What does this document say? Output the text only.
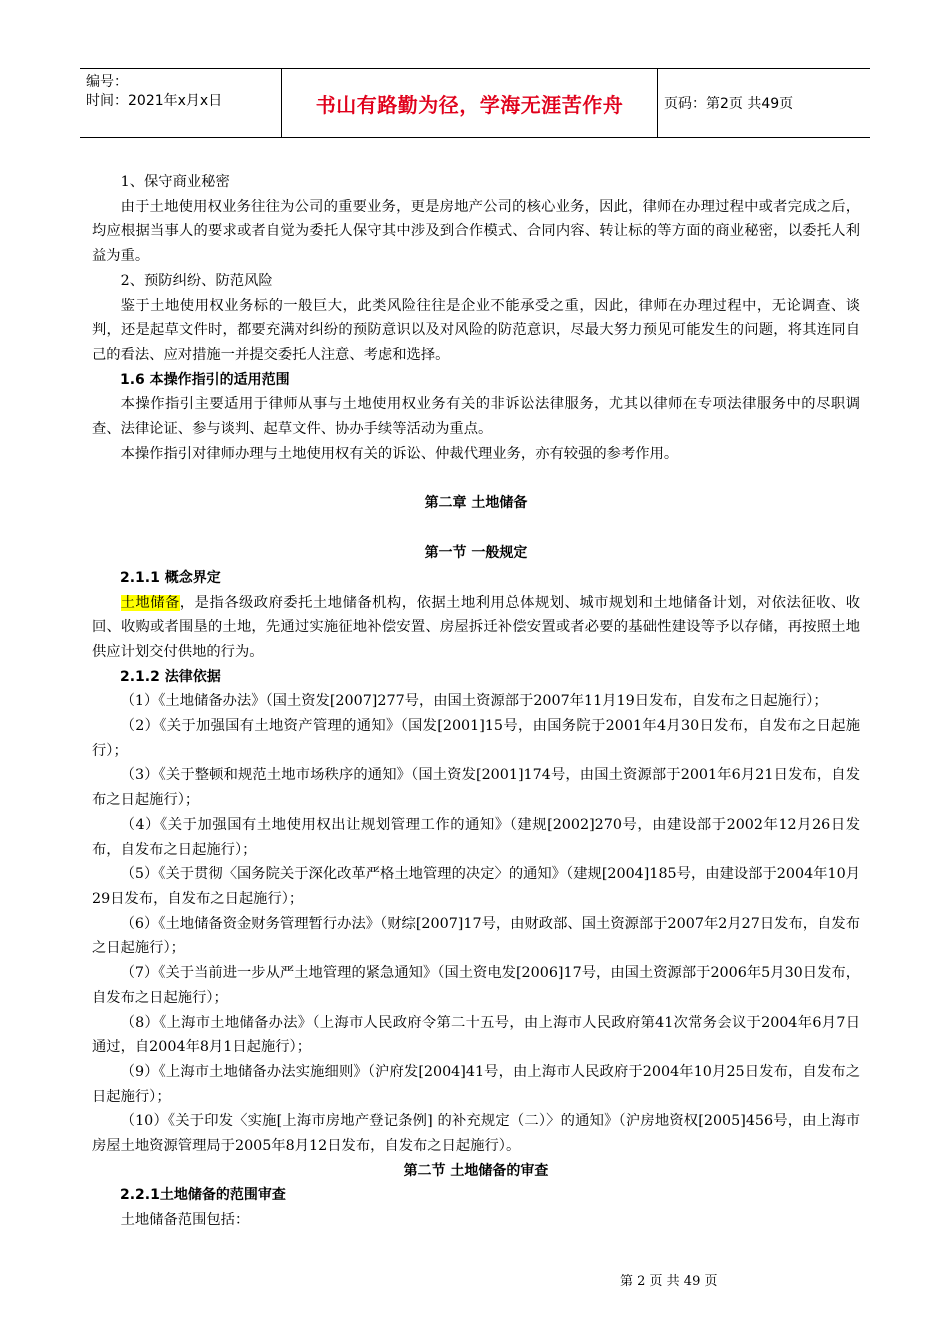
编号：
时间：2021年x月x日	书山有路勤为径，学海无涯苦作舟	页码：第2页 共49页

1、保守商业秘密

由于土地使用权业务往往为公司的重要业务，更是房地产公司的核心业务，因此，律师在办理过程中或者完成之后，均应根据当事人的要求或者自觉为委托人保守其中涉及到合作模式、合同内容、转让标的等方面的商业秘密，以委托人利益为重。

2、预防纠纷、防范风险

鉴于土地使用权业务标的一般巨大，此类风险往往是企业不能承受之重，因此，律师在办理过程中，无论调查、谈判，还是起草文件时，都要充满对纠纷的预防意识以及对风险的防范意识，尽最大努力预见可能发生的问题，将其连同自己的看法、应对措施一并提交委托人注意、考虑和选择。

1.6 本操作指引的适用范围

本操作指引主要适用于律师从事与土地使用权业务有关的非诉讼法律服务，尤其以律师在专项法律服务中的尽职调查、法律论证、参与谈判、起草文件、协办手续等活动为重点。

本操作指引对律师办理与土地使用权有关的诉讼、仲裁代理业务，亦有较强的参考作用。

第二章 土地储备

第一节 一般规定

2.1.1 概念界定

土地储备，是指各级政府委托土地储备机构，依据土地利用总体规划、城市规划和土地储备计划，对依法征收、收回、收购或者围垦的土地，先通过实施征地补偿安置、房屋拆迁补偿安置或者必要的基础性建设等予以存储，再按照土地供应计划交付供地的行为。

2.1.2 法律依据

（1）《土地储备办法》（国土资发[2007]277号，由国土资源部于2007年11月19日发布，自发布之日起施行）；

（2）《关于加强国有土地资产管理的通知》（国发[2001]15号，由国务院于2001年4月30日发布，自发布之日起施行）；

（3）《关于整顿和规范土地市场秩序的通知》（国土资发[2001]174号，由国土资源部于2001年6月21日发布，自发布之日起施行）；

（4）《关于加强国有土地使用权出让规划管理工作的通知》（建规[2002]270号，由建设部于2002年12月26日发布，自发布之日起施行）；

（5）《关于贯彻〈国务院关于深化改革严格土地管理的决定〉的通知》（建规[2004]185号，由建设部于2004年10月29日发布，自发布之日起施行）；

（6）《土地储备资金财务管理暂行办法》（财综[2007]17号，由财政部、国土资源部于2007年2月27日发布，自发布之日起施行）；

（7）《关于当前进一步从严土地管理的紧急通知》（国土资电发[2006]17号，由国土资源部于2006年5月30日发布，自发布之日起施行）；

（8）《上海市土地储备办法》（上海市人民政府令第二十五号，由上海市人民政府第41次常务会议于2004年6月7日通过，自2004年8月1日起施行）；

（9）《上海市土地储备办法实施细则》（沪府发[2004]41号，由上海市人民政府于2004年10月25日发布，自发布之日起施行）；

（10）《关于印发〈实施[上海市房地产登记条例] 的补充规定（二）〉的通知》（沪房地资权[2005]456号，由上海市房屋土地资源管理局于2005年8月12日发布，自发布之日起施行）。

第二节 土地储备的审查

2.2.1土地储备的范围审查

土地储备范围包括：

第 2 页 共 49 页
